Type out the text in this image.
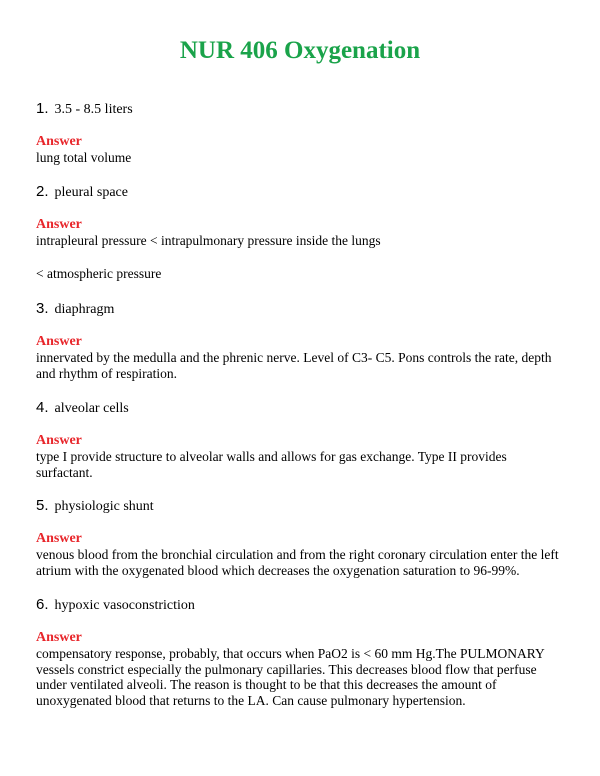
NUR 406 Oxygenation
1. 3.5 - 8.5 liters
Answer
lung total volume
2. pleural space
Answer
intrapleural pressure < intrapulmonary pressure inside the lungs
< atmospheric pressure
3. diaphragm
Answer
innervated by the medulla and the phrenic nerve. Level of C3- C5. Pons controls the rate, depth and rhythm of respiration.
4. alveolar cells
Answer
type I provide structure to alveolar walls and allows for gas exchange. Type II provides surfactant.
5. physiologic shunt
Answer
venous blood from the bronchial circulation and from the right coronary circulation enter the left atrium with the oxygenated blood which decreases the oxygenation saturation to 96-99%.
6. hypoxic vasoconstriction
Answer
compensatory response, probably, that occurs when PaO2 is < 60 mm Hg.The PULMONARY vessels constrict especially the pulmonary capillaries. This decreases blood flow that perfuse under ventilated alveoli. The reason is thought to be that this decreases the amount of unoxygenated blood that returns to the LA. Can cause pulmonary hypertension.
